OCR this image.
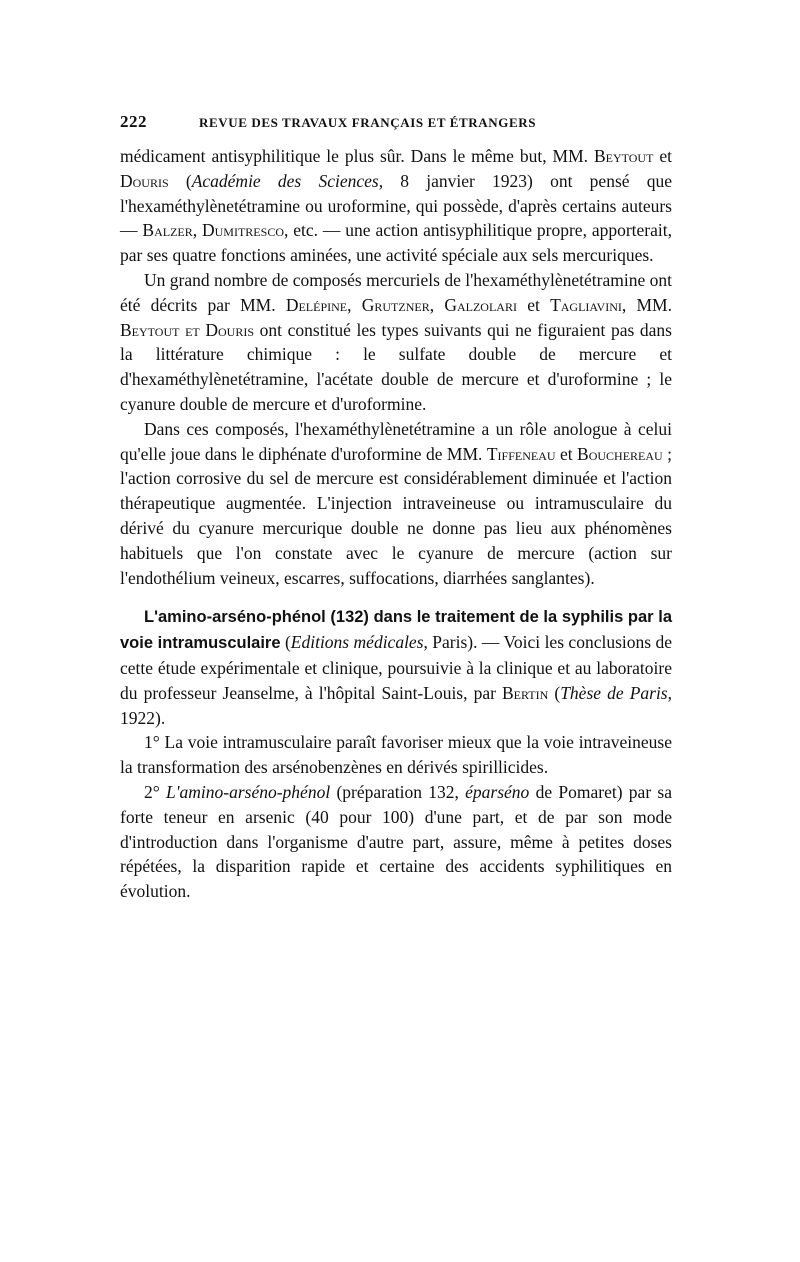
222	REVUE DES TRAVAUX FRANÇAIS ET ÉTRANGERS

médicament antisyphilitique le plus sûr. Dans le même but, MM. Beytout et Douris (Académie des Sciences, 8 janvier 1923) ont pensé que l'hexaméthylènetétramine ou uroformine, qui possède, d'après certains auteurs — Balzer, Dumitresco, etc. — une action antisyphilitique propre, apporterait, par ses quatre fonctions aminées, une activité spéciale aux sels mercuriques.

Un grand nombre de composés mercuriels de l'hexaméthylènetétramine ont été décrits par MM. Delépine, Grutzner, Galzolari et Tagliavini, MM. Beytout et Douris ont constitué les types suivants qui ne figuraient pas dans la littérature chimique : le sulfate double de mercure et d'hexaméthylènetétramine, l'acétate double de mercure et d'uroformine ; le cyanure double de mercure et d'uroformine.

Dans ces composés, l'hexaméthylènetétramine a un rôle anologue à celui qu'elle joue dans le diphénate d'uroformine de MM. Tiffeneau et Bouchereau ; l'action corrosive du sel de mercure est considérablement diminuée et l'action thérapeutique augmentée. L'injection intraveineuse ou intramusculaire du dérivé du cyanure mercurique double ne donne pas lieu aux phénomènes habituels que l'on constate avec le cyanure de mercure (action sur l'endothélium veineux, escarres, suffocations, diarrhées sanglantes).

L'amino-arséno-phénol (132) dans le traitement de la syphilis par la voie intramusculaire (Editions médicales, Paris). — Voici les conclusions de cette étude expérimentale et clinique, poursuivie à la clinique et au laboratoire du professeur Jeanselme, à l'hôpital Saint-Louis, par Bertin (Thèse de Paris, 1922).

1° La voie intramusculaire paraît favoriser mieux que la voie intraveineuse la transformation des arsénobenzènes en dérivés spirillicides.

2° L'amino-arséno-phénol (préparation 132, éparséno de Pomaret) par sa forte teneur en arsenic (40 pour 100) d'une part, et de par son mode d'introduction dans l'organisme d'autre part, assure, même à petites doses répétées, la disparition rapide et certaine des accidents syphilitiques en évolution.
